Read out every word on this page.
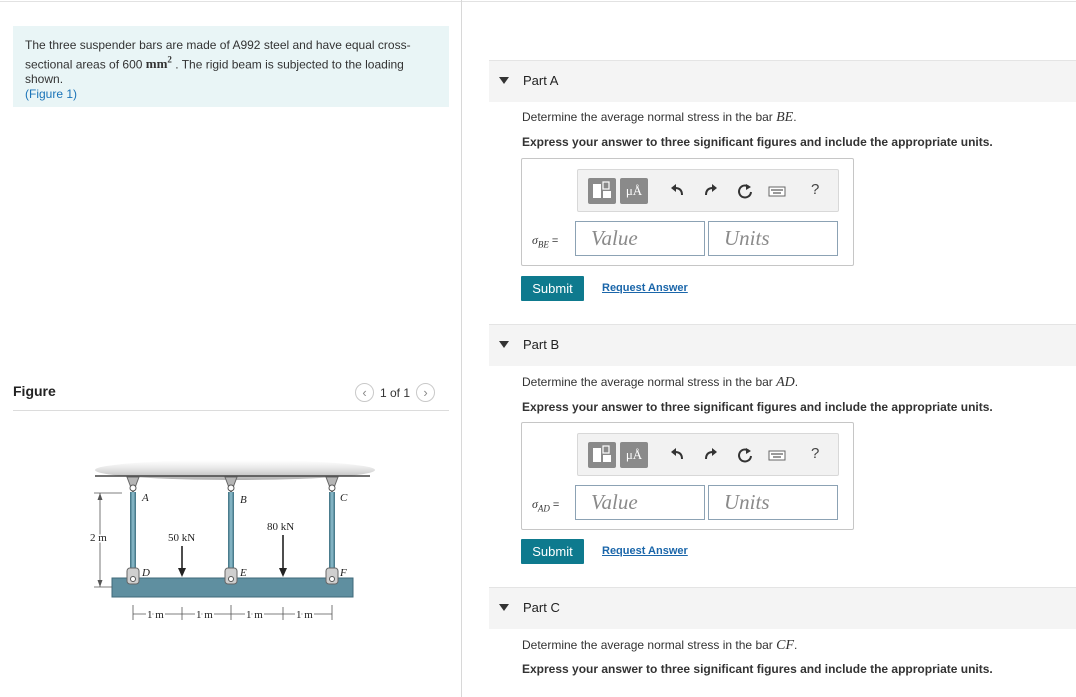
The three suspender bars are made of A992 steel and have equal cross-sectional areas of 600 $mm^2$ . The rigid beam is subjected to the loading shown.
(Figure 1)
Figure	‹	1 of 1	›
A	B	C
D	E	F
2 m	50 kN
80 kN
1 m	1 m	1 m	1 m
Part A
Determine the average normal stress in the bar BE.
Express your answer to three significant figures and include the appropriate units.
μÅ	?
$\sigma_{BE}$ =	Value	Units
Submit	Request Answer
Part B
Determine the average normal stress in the bar AD.
Express your answer to three significant figures and include the appropriate units.
μÅ	?
$\sigma_{AD}$ =	Value	Units
Submit	Request Answer
Part C
Determine the average normal stress in the bar CF.
Express your answer to three significant figures and include the appropriate units.
